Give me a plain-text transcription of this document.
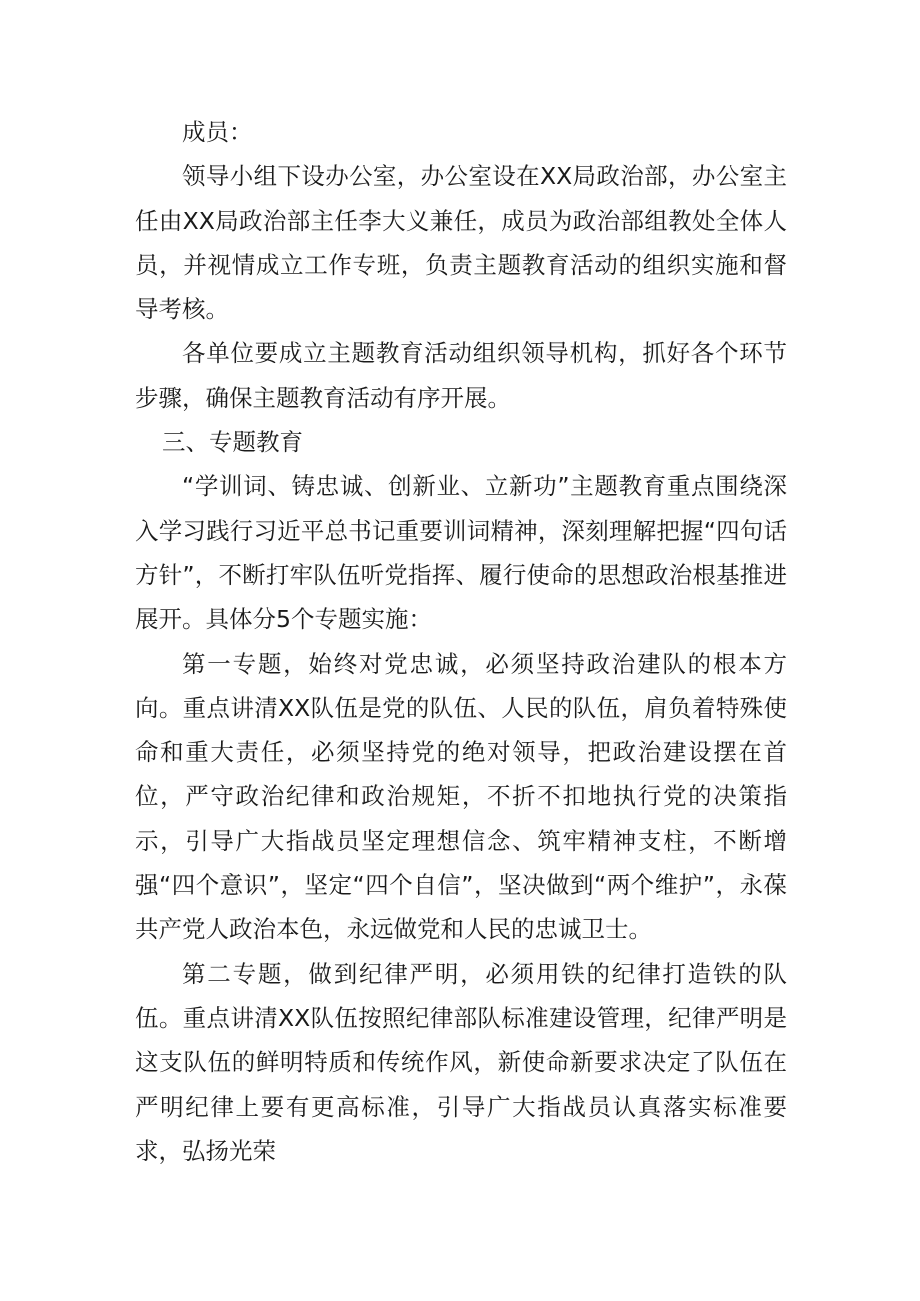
成员：

领导小组下设办公室，办公室设在XX局政治部，办公室主任由XX局政治部主任李大义兼任，成员为政治部组教处全体人员，并视情成立工作专班，负责主题教育活动的组织实施和督导考核。

各单位要成立主题教育活动组织领导机构，抓好各个环节步骤，确保主题教育活动有序开展。

三、专题教育

“学训词、铸忠诚、创新业、立新功”主题教育重点围绕深入学习践行习近平总书记重要训词精神，深刻理解把握“四句话方针”，不断打牢队伍听党指挥、履行使命的思想政治根基推进展开。具体分5个专题实施：

第一专题，始终对党忠诚，必须坚持政治建队的根本方向。重点讲清XX队伍是党的队伍、人民的队伍，肩负着特殊使命和重大责任，必须坚持党的绝对领导，把政治建设摆在首位，严守政治纪律和政治规矩，不折不扣地执行党的决策指示，引导广大指战员坚定理想信念、筑牢精神支柱，不断增强“四个意识”，坚定“四个自信”，坚决做到“两个维护”，永葆共产党人政治本色，永远做党和人民的忠诚卫士。

第二专题，做到纪律严明，必须用铁的纪律打造铁的队伍。重点讲清XX队伍按照纪律部队标准建设管理，纪律严明是这支队伍的鲜明特质和传统作风，新使命新要求决定了队伍在严明纪律上要有更高标准，引导广大指战员认真落实标准要求，弘扬光荣
